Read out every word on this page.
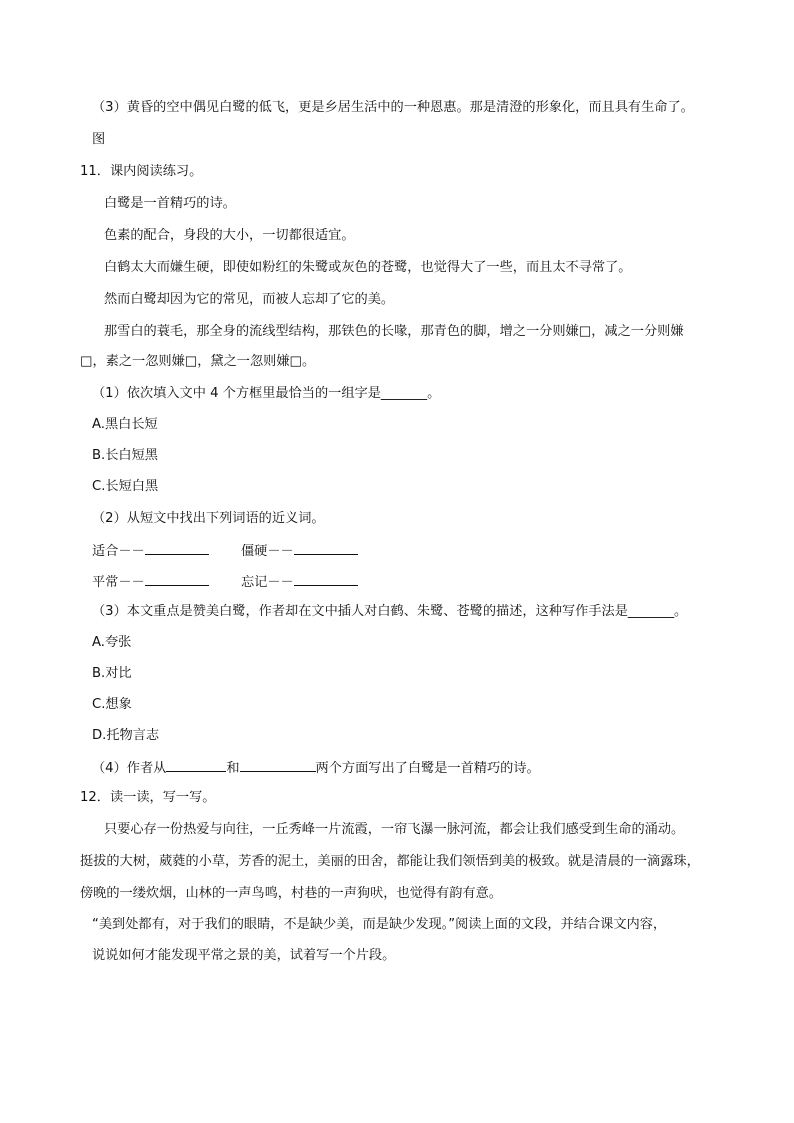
（3）黄昏的空中偶见白鹭的低飞，更是乡居生活中的一种恩惠。那是清澄的形象化，而且具有生命了。
图
11．课内阅读练习。
白鹭是一首精巧的诗。
色素的配合，身段的大小，一切都很适宜。
白鹤太大而嫌生硬，即使如粉红的朱鹭或灰色的苍鹭，也觉得大了一些，而且太不寻常了。
然而白鹭却因为它的常见，而被人忘却了它的美。
那雪白的蓑毛，那全身的流线型结构，那铁色的长喙，那青色的脚，增之一分则嫌□，减之一分则嫌
□，素之一忽则嫌□，黛之一忽则嫌□。
（1）依次填入文中 4 个方框里最恰当的一组字是_______。
A.黑白长短
B.长白短黑
C.长短白黑
（2）从短文中找出下列词语的近义词。
适合－－	僵硬－－
平常－－	忘记－－
（3）本文重点是赞美白鹭，作者却在文中插人对白鹤、朱鹭、苍鹭的描述，这种写作手法是_______。
A.夸张
B.对比
C.想象
D.托物言志
（4）作者从	和	两个方面写出了白鹭是一首精巧的诗。
12．读一读，写一写。
只要心存一份热爱与向往，一丘秀峰一片流霞，一帘飞瀑一脉河流，都会让我们感受到生命的涌动。
挺拔的大树，葳蕤的小草，芳香的泥土，美丽的田舍，都能让我们领悟到美的极致。就是清晨的一滴露珠，
傍晚的一缕炊烟，山林的一声鸟鸣，村巷的一声狗吠，也觉得有韵有意。
“美到处都有，对于我们的眼睛，不是缺少美，而是缺少发现。”阅读上面的文段，并结合课文内容，
说说如何才能发现平常之景的美，试着写一个片段。
